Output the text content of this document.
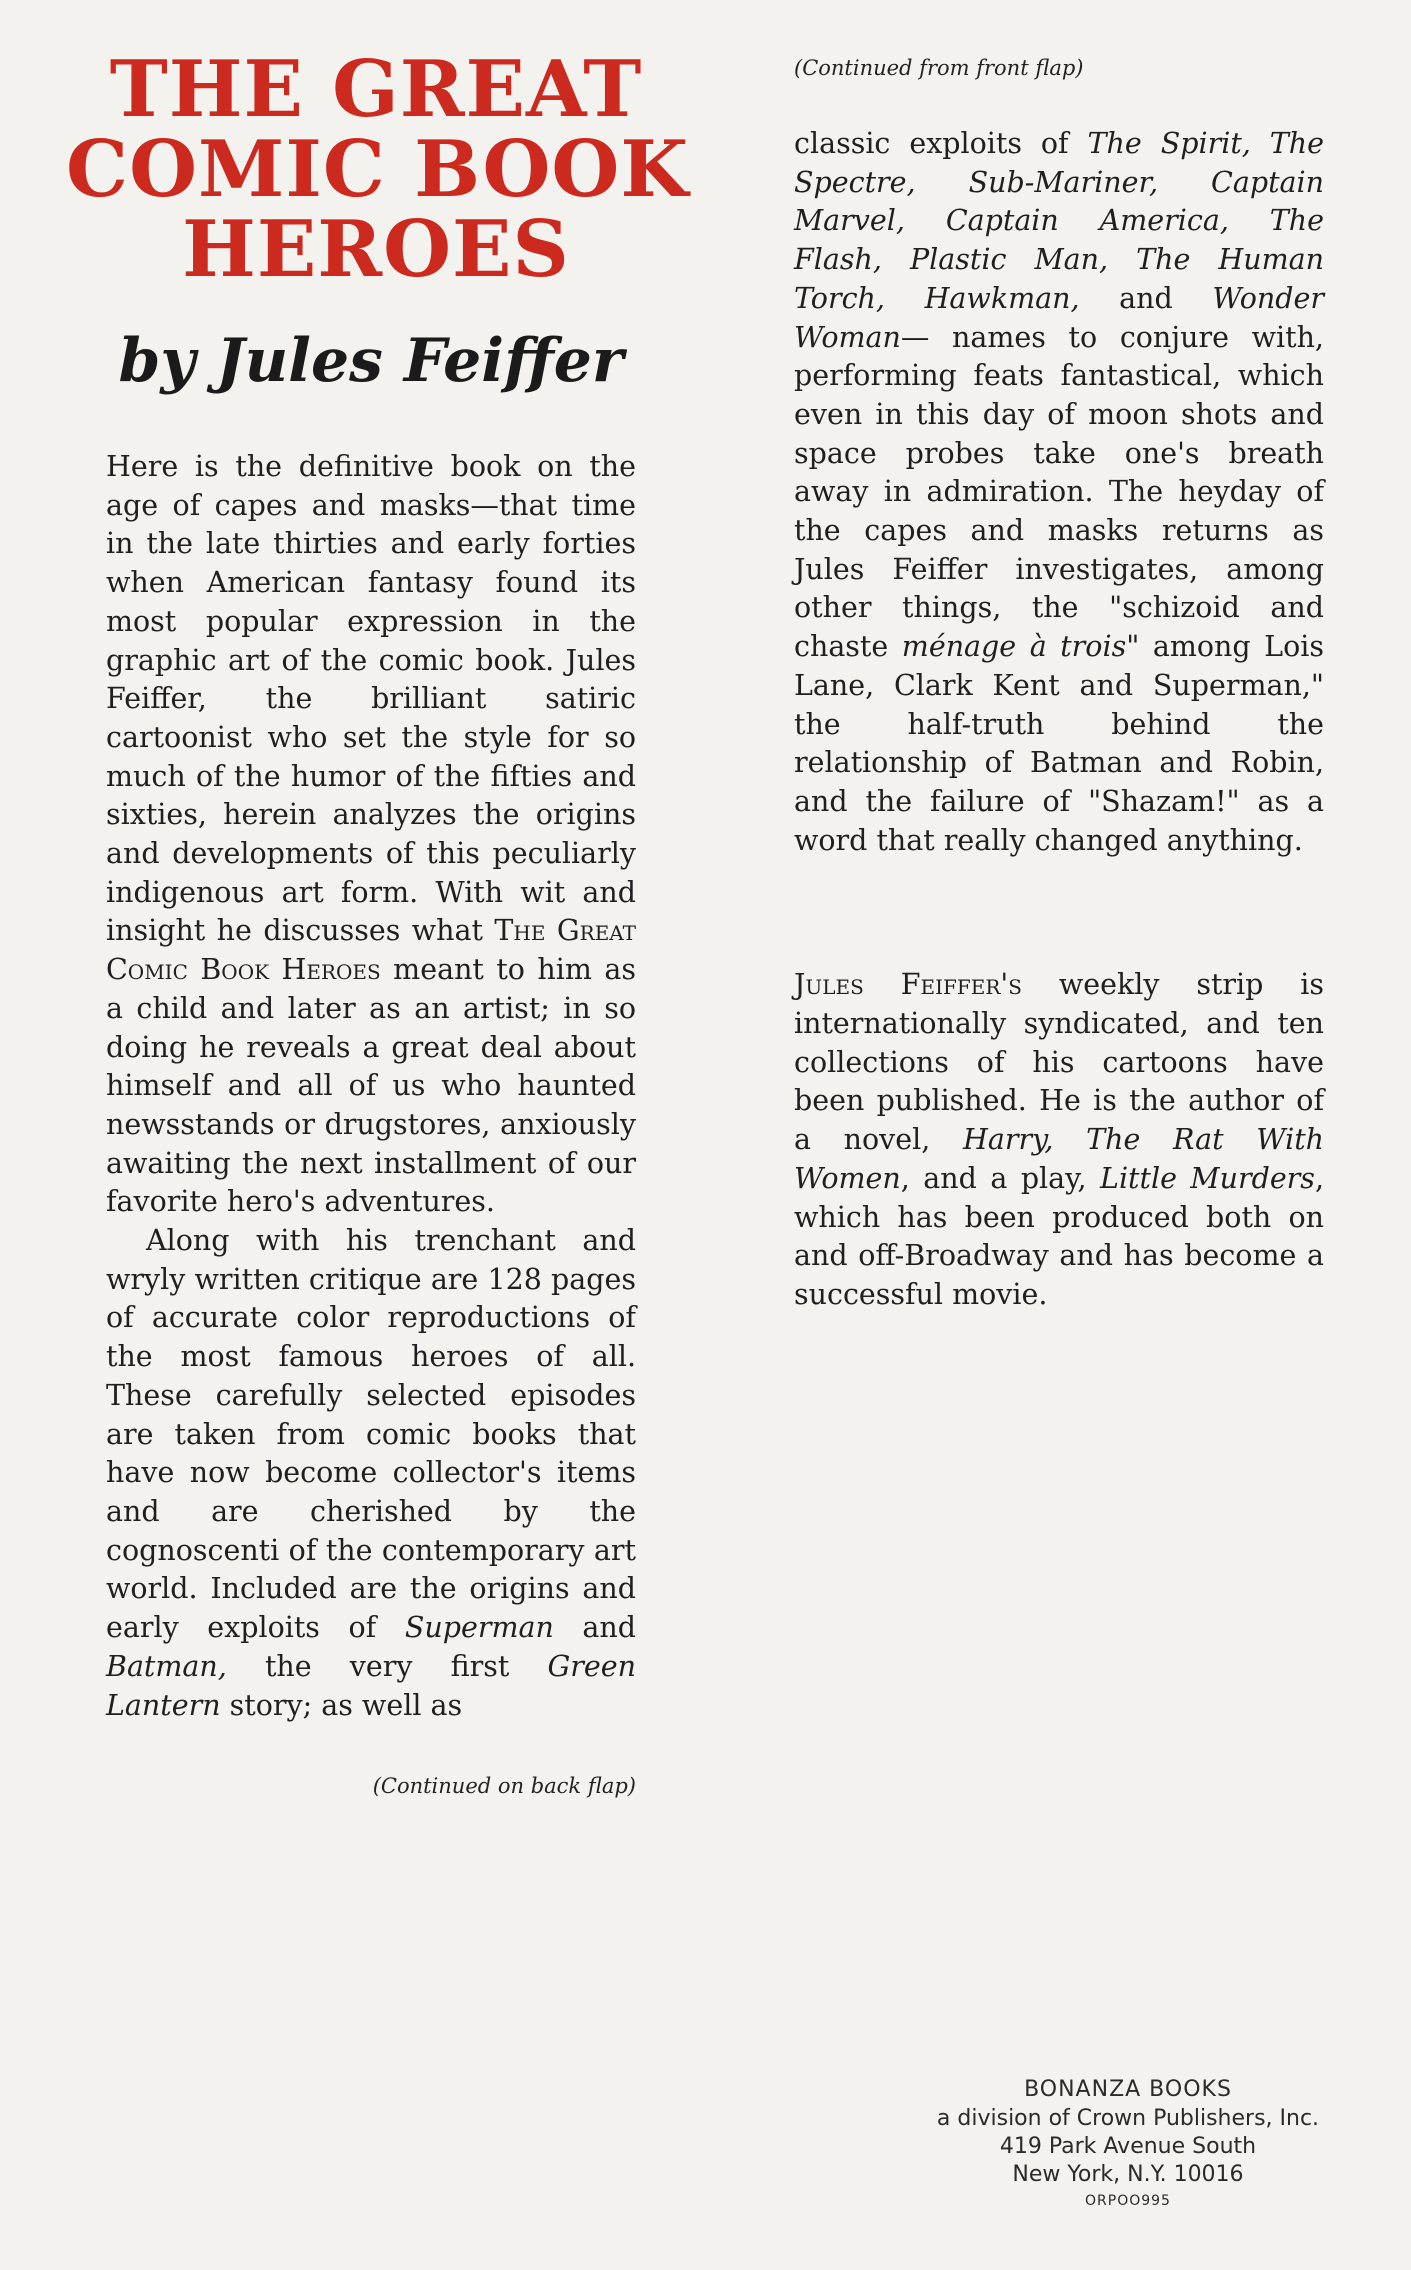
THE GREAT
COMIC BOOK
HEROES
by Jules Feiffer

Here is the definitive book on the age of capes and masks—that time in the late thirties and early forties when American fantasy found its most popular expression in the graphic art of the comic book. Jules Feiffer, the brilliant satiric cartoonist who set the style for so much of the humor of the fifties and sixties, herein analyzes the origins and developments of this peculiarly indigenous art form. With wit and insight he discusses what The Great Comic Book Heroes meant to him as a child and later as an artist; in so doing he reveals a great deal about himself and all of us who haunted newsstands or drugstores, anxiously awaiting the next installment of our favorite hero's adventures.

Along with his trenchant and wryly written critique are 128 pages of accurate color reproductions of the most famous heroes of all. These carefully selected episodes are taken from comic books that have now become collector's items and are cherished by the cognoscenti of the contemporary art world. Included are the origins and early exploits of Superman and Batman, the very first Green Lantern story; as well as

(Continued on back flap)
(Continued from front flap)

classic exploits of The Spirit, The Spectre, Sub-Mariner, Captain Marvel, Captain America, The Flash, Plastic Man, The Human Torch, Hawkman, and Wonder Woman— names to conjure with, performing feats fantastical, which even in this day of moon shots and space probes take one's breath away in admiration. The heyday of the capes and masks returns as Jules Feiffer investigates, among other things, the "schizoid and chaste ménage à trois" among Lois Lane, Clark Kent and Superman," the half-truth behind the relationship of Batman and Robin, and the failure of "Shazam!" as a word that really changed anything.

Jules Feiffer's weekly strip is internationally syndicated, and ten collections of his cartoons have been published. He is the author of a novel, Harry, The Rat With Women, and a play, Little Murders, which has been produced both on and off-Broadway and has become a successful movie.

BONANZA BOOKS
a division of Crown Publishers, Inc.
419 Park Avenue South
New York, N.Y. 10016
ORPOO995
